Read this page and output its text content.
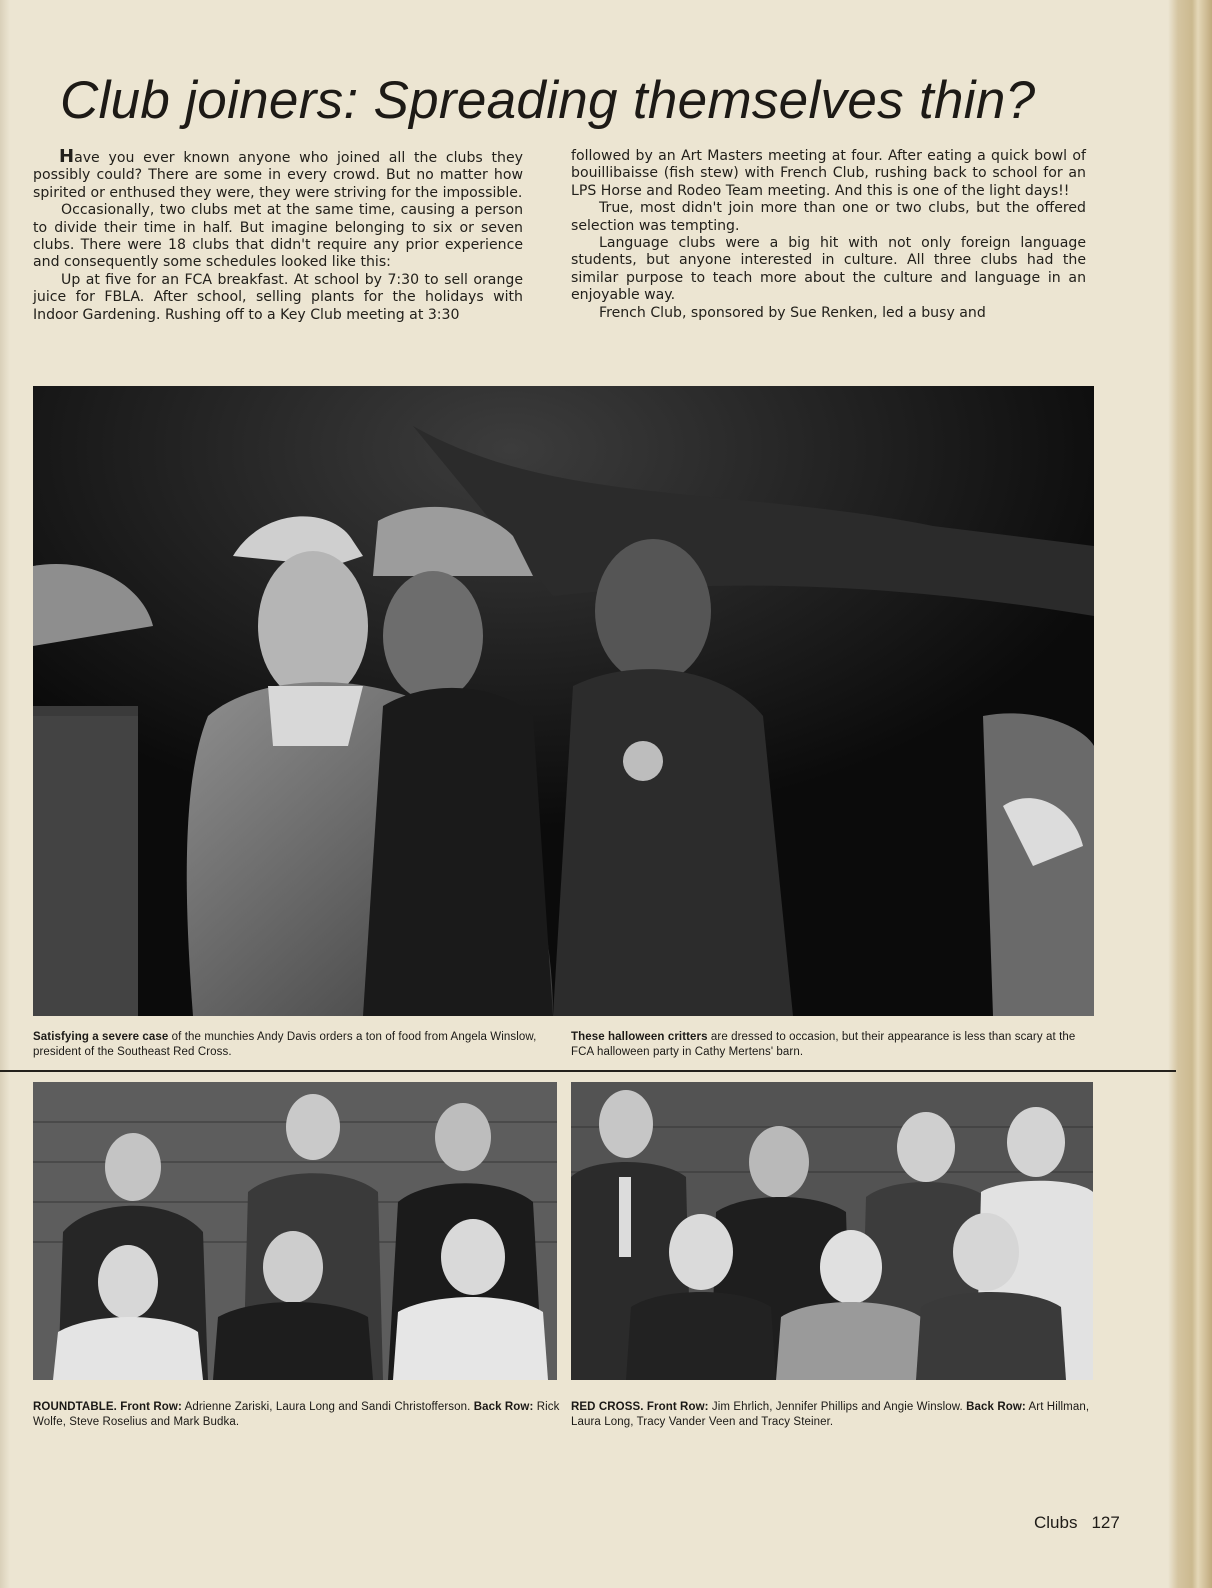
Club joiners: Spreading themselves thin?

Have you ever known anyone who joined all the clubs they possibly could? There are some in every crowd. But no matter how spirited or enthused they were, they were striving for the impossible.

Occasionally, two clubs met at the same time, causing a person to divide their time in half. But imagine belonging to six or seven clubs. There were 18 clubs that didn't require any prior experience and consequently some schedules looked like this:

Up at five for an FCA breakfast. At school by 7:30 to sell orange juice for FBLA. After school, selling plants for the holidays with Indoor Gardening. Rushing off to a Key Club meeting at 3:30

followed by an Art Masters meeting at four. After eating a quick bowl of bouillibaisse (fish stew) with French Club, rushing back to school for an LPS Horse and Rodeo Team meeting. And this is one of the light days!!

True, most didn't join more than one or two clubs, but the offered selection was tempting.

Language clubs were a big hit with not only foreign language students, but anyone interested in culture. All three clubs had the similar purpose to teach more about the culture and language in an enjoyable way.

French Club, sponsored by Sue Renken, led a busy and

Satisfying a severe case of the munchies Andy Davis orders a ton of food from Angela Winslow, president of the Southeast Red Cross.
These halloween critters are dressed to occasion, but their appearance is less than scary at the FCA halloween party in Cathy Mertens' barn.
ROUNDTABLE. Front Row: Adrienne Zariski, Laura Long and Sandi Christofferson. Back Row: Rick Wolfe, Steve Roselius and Mark Budka.
RED CROSS. Front Row: Jim Ehrlich, Jennifer Phillips and Angie Winslow. Back Row: Art Hillman, Laura Long, Tracy Vander Veen and Tracy Steiner.
Clubs 127
